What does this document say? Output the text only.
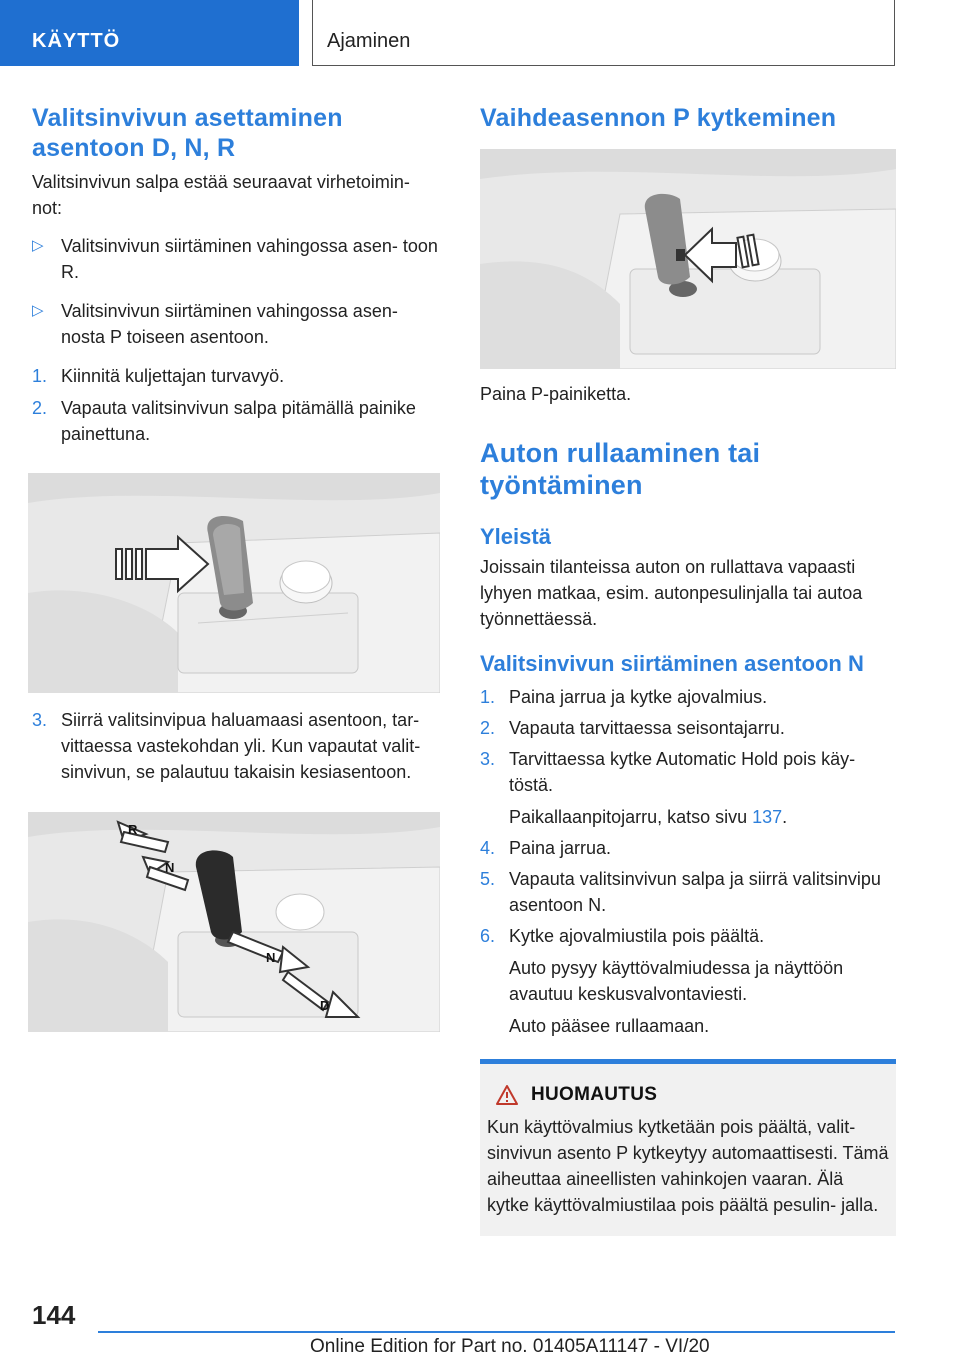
KÄYTTÖ	Ajaminen
Valitsinvivun asettaminen asentoon D, N, R

Valitsinvivun salpa estää seuraavat virhetoimin- not:

▷ Valitsinvivun siirtäminen vahingossa asen- toon R.
▷ Valitsinvivun siirtäminen vahingossa asen- nosta P toiseen asentoon.
1. Kiinnitä kuljettajan turvavyö.
2. Vapauta valitsinvivun salpa pitämällä painike painettuna.
3. Siirrä valitsinvipua haluamaasi asentoon, tar- vittaessa vastekohdan yli. Kun vapautat valit- sinvivun, se palautuu takaisin kesiasentoon.
R
N
N
D
Vaihdeasennon P kytkeminen

Paina P-painiketta.

Auton rullaaminen tai työntäminen
Yleistä

Joissain tilanteissa auton on rullattava vapaasti lyhyen matkaa, esim. autonpesulinjalla tai autoa työnnettäessä.

Valitsinvivun siirtäminen asentoon N
1. Paina jarrua ja kytke ajovalmius.
2. Vapauta tarvittaessa seisontajarru.
3. Tarvittaessa kytke Automatic Hold pois käy- töstä.
Paikallaanpitojarru, katso sivu 137.
4. Paina jarrua.
5. Vapauta valitsinvivun salpa ja siirrä valitsinvipu asentoon N.
6. Kytke ajovalmiustila pois päältä.
Auto pysyy käyttövalmiudessa ja näyttöön avautuu keskusvalvontaviesti.
Auto pääsee rullaamaan.
HUOMAUTUS

Kun käyttövalmius kytketään pois päältä, valit- sinvivun asento P kytkeytyy automaattisesti. Tämä aiheuttaa aineellisten vahinkojen vaaran. Älä kytke käyttövalmiustilaa pois päältä pesulin- jalla.

144
Online Edition for Part no. 01405A11147 - VI/20
